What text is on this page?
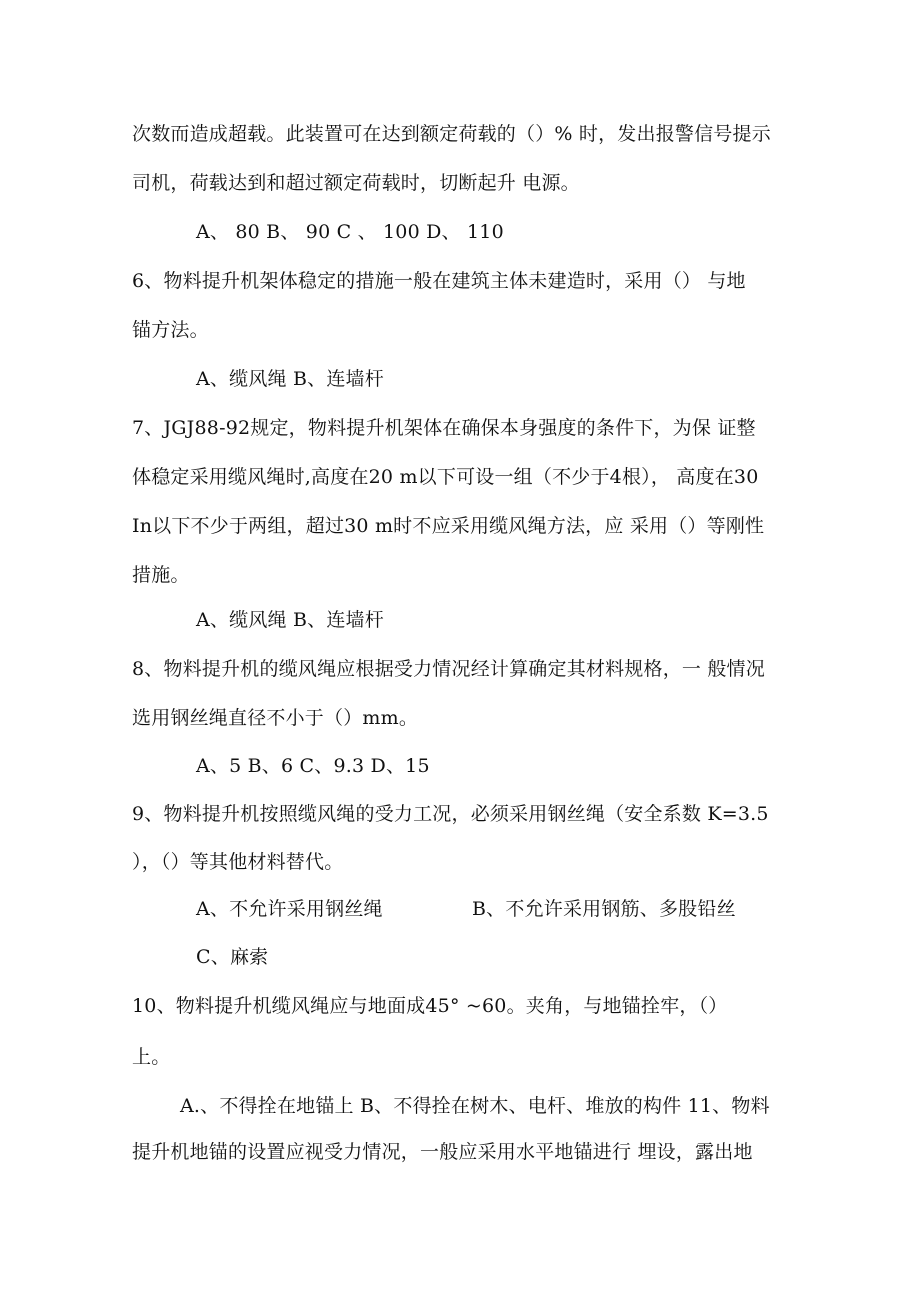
次数而造成超载。此装置可在达到额定荷载的（）% 时，发出报警信号提示
司机，荷载达到和超过额定荷载时，切断起升 电源。
A、 80 B、 90 C 、 100 D、 110
6、物料提升机架体稳定的措施一般在建筑主体未建造时，采用（） 与地
锚方法。
A、缆风绳 B、连墙杆
7、JGJ88-92规定，物料提升机架体在确保本身强度的条件下，为保 证整
体稳定采用缆风绳时,高度在20 m以下可设一组（不少于4根）， 高度在30
In以下不少于两组，超过30 m时不应采用缆风绳方法，应 采用（）等刚性
措施。
A、缆风绳 B、连墙杆
8、物料提升机的缆风绳应根据受力情况经计算确定其材料规格，一 般情况
选用钢丝绳直径不小于（）mm。
A、5 B、6 C、9.3 D、15
9、物料提升机按照缆风绳的受力工况，必须采用钢丝绳（安全系数 K=3.5
），（）等其他材料替代。
A、不允许采用钢丝绳	B、不允许采用钢筋、多股铅丝
C、麻索
10、物料提升机缆风绳应与地面成45° ~60。夹角，与地锚拴牢，（）
上。
A.、不得拴在地锚上 B、不得拴在树木、电杆、堆放的构件 11、物料
提升机地锚的设置应视受力情况，一般应采用水平地锚进行 埋设，露出地
